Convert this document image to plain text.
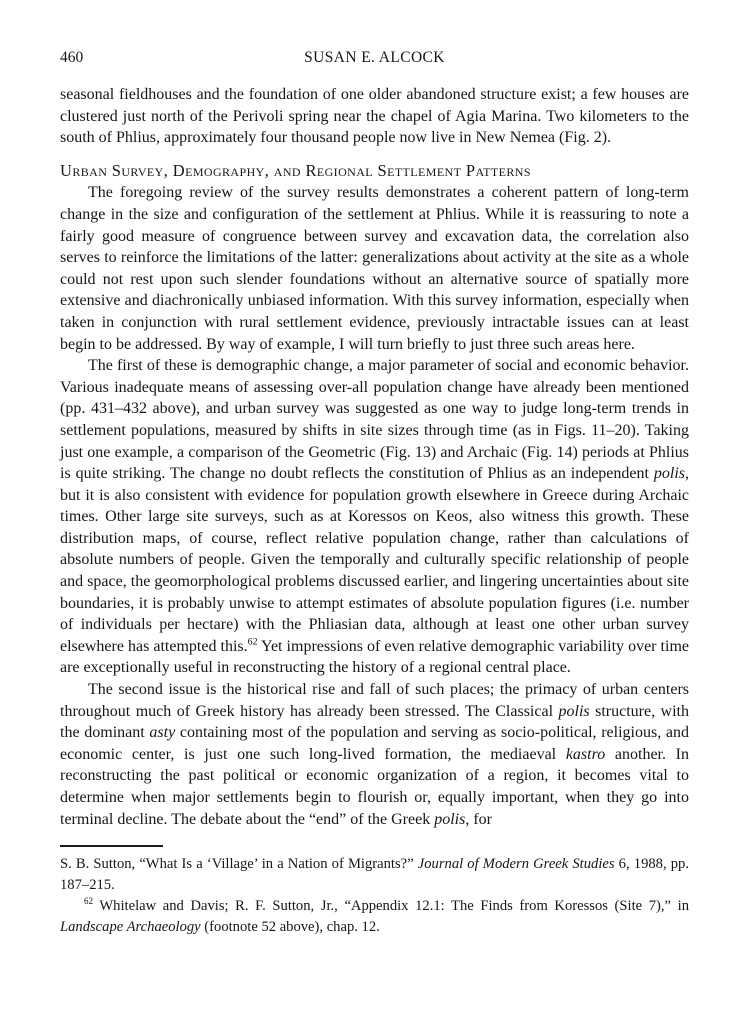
460	SUSAN E. ALCOCK

seasonal fieldhouses and the foundation of one older abandoned structure exist; a few houses are clustered just north of the Perivoli spring near the chapel of Agia Marina. Two kilometers to the south of Phlius, approximately four thousand people now live in New Nemea (Fig. 2).

Urban Survey, Demography, and Regional Settlement Patterns

The foregoing review of the survey results demonstrates a coherent pattern of long-term change in the size and configuration of the settlement at Phlius. While it is reassuring to note a fairly good measure of congruence between survey and excavation data, the correlation also serves to reinforce the limitations of the latter: generalizations about activity at the site as a whole could not rest upon such slender foundations without an alternative source of spatially more extensive and diachronically unbiased information. With this survey information, especially when taken in conjunction with rural settlement evidence, previously intractable issues can at least begin to be addressed. By way of example, I will turn briefly to just three such areas here.

The first of these is demographic change, a major parameter of social and economic behavior. Various inadequate means of assessing over-all population change have already been mentioned (pp. 431–432 above), and urban survey was suggested as one way to judge long-term trends in settlement populations, measured by shifts in site sizes through time (as in Figs. 11–20). Taking just one example, a comparison of the Geometric (Fig. 13) and Archaic (Fig. 14) periods at Phlius is quite striking. The change no doubt reflects the constitution of Phlius as an independent polis, but it is also consistent with evidence for population growth elsewhere in Greece during Archaic times. Other large site surveys, such as at Koressos on Keos, also witness this growth. These distribution maps, of course, reflect relative population change, rather than calculations of absolute numbers of people. Given the temporally and culturally specific relationship of people and space, the geomorphological problems discussed earlier, and lingering uncertainties about site boundaries, it is probably unwise to attempt estimates of absolute population figures (i.e. number of individuals per hectare) with the Phliasian data, although at least one other urban survey elsewhere has attempted this.$^{62}$ Yet impressions of even relative demographic variability over time are exceptionally useful in reconstructing the history of a regional central place.

The second issue is the historical rise and fall of such places; the primacy of urban centers throughout much of Greek history has already been stressed. The Classical polis structure, with the dominant asty containing most of the population and serving as socio-political, religious, and economic center, is just one such long-lived formation, the mediaeval kastro another. In reconstructing the past political or economic organization of a region, it becomes vital to determine when major settlements begin to flourish or, equally important, when they go into terminal decline. The debate about the “end” of the Greek polis, for

S. B. Sutton, “What Is a ‘Village’ in a Nation of Migrants?” Journal of Modern Greek Studies 6, 1988, pp. 187–215.

$^{62}$ Whitelaw and Davis; R. F. Sutton, Jr., “Appendix 12.1: The Finds from Koressos (Site 7),” in Landscape Archaeology (footnote 52 above), chap. 12.
